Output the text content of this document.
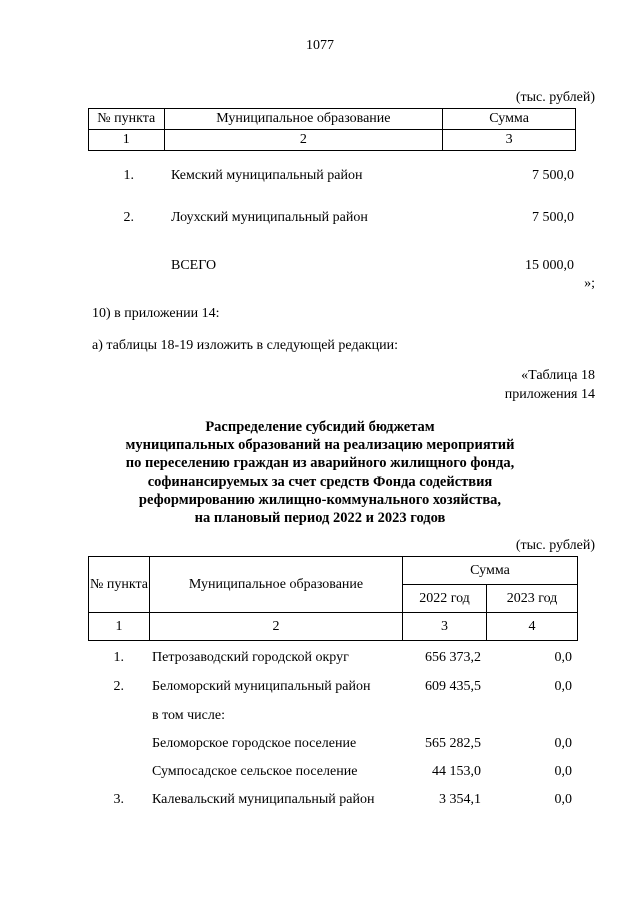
1077
(тыс. рублей)
№ пункта	Муниципальное образование	Сумма
1	2	3
1.	Кемский муниципальный район	7 500,0
2.	Лоухский муниципальный район	7 500,0
ВСЕГО	15 000,0
»;
10) в приложении 14:
а) таблицы 18-19 изложить в следующей редакции:
«Таблица 18
приложения 14
Распределение субсидий бюджетам
муниципальных образований на реализацию мероприятий
по переселению граждан из аварийного жилищного фонда,
софинансируемых за счет средств Фонда содействия
реформированию жилищно-коммунального хозяйства,
на плановый период 2022 и 2023 годов
(тыс. рублей)
№ пункта	Муниципальное образование	Сумма	
		2022 год	2023 год
1	2	3	4
1. Петрозаводский городской округ	656 373,2	0,0
2. Беломорский муниципальный район	609 435,5	0,0
в том числе:
Беломорское городское поселение	565 282,5	0,0
Сумпосадское сельское поселение	44 153,0	0,0
3. Калевальский муниципальный район	3 354,1	0,0
